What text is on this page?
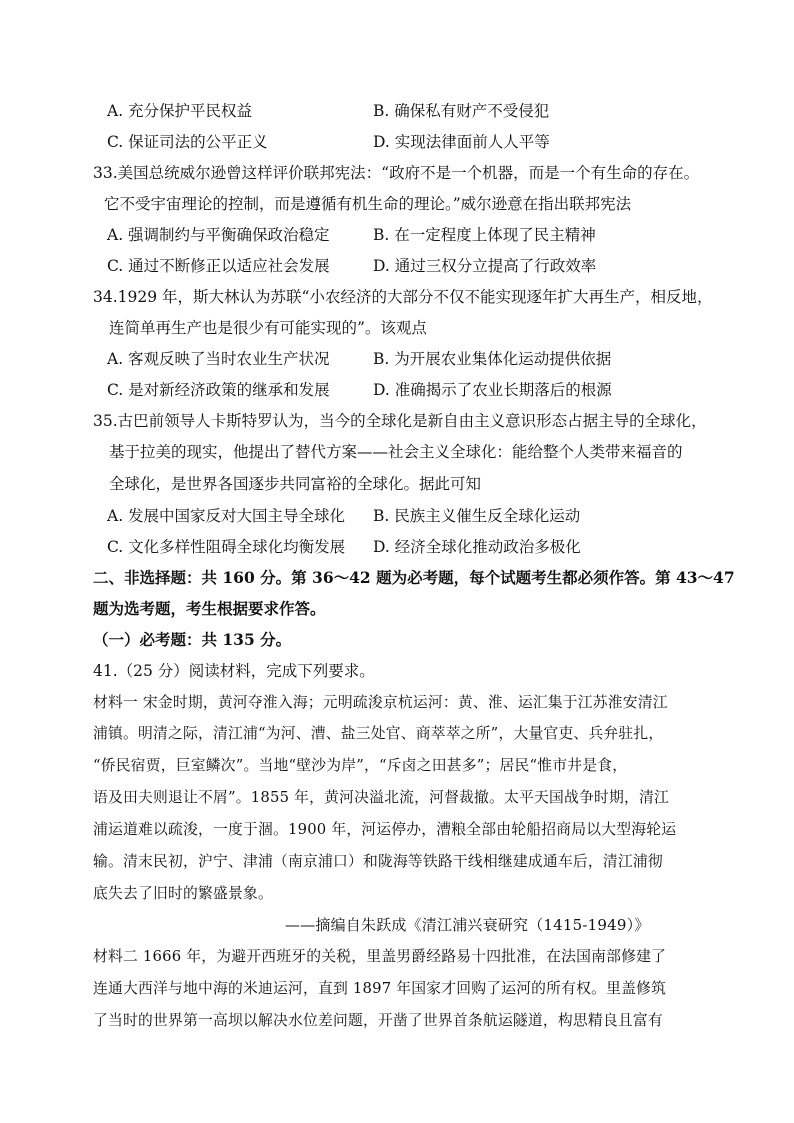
A. 充分保护平民权益	B. 确保私有财产不受侵犯
C. 保证司法的公平正义	D. 实现法律面前人人平等
33.美国总统威尔逊曾这样评价联邦宪法：“政府不是一个机器，而是一个有生命的存在。
它不受宇宙理论的控制，而是遵循有机生命的理论。”威尔逊意在指出联邦宪法
A. 强调制约与平衡确保政治稳定	B. 在一定程度上体现了民主精神
C. 通过不断修正以适应社会发展	D. 通过三权分立提高了行政效率
34.1929 年，斯大林认为苏联“小农经济的大部分不仅不能实现逐年扩大再生产，相反地，
连简单再生产也是很少有可能实现的”。该观点
A. 客观反映了当时农业生产状况	B. 为开展农业集体化运动提供依据
C. 是对新经济政策的继承和发展	D. 准确揭示了农业长期落后的根源
35.古巴前领导人卡斯特罗认为，当今的全球化是新自由主义意识形态占据主导的全球化，
基于拉美的现实，他提出了替代方案——社会主义全球化：能给整个人类带来福音的
全球化，是世界各国逐步共同富裕的全球化。据此可知
A. 发展中国家反对大国主导全球化 B. 民族主义催生反全球化运动
C. 文化多样性阻碍全球化均衡发展 D. 经济全球化推动政治多极化
二、非选择题：共 160 分。第 36～42 题为必考题，每个试题考生都必须作答。第 43～47
题为选考题，考生根据要求作答。
（一）必考题：共 135 分。
41.（25 分）阅读材料，完成下列要求。
材料一 宋金时期，黄河夺淮入海；元明疏浚京杭运河：黄、淮、运汇集于江苏淮安清江
浦镇。明清之际，清江浦“为河、漕、盐三处官、商萃萃之所”，大量官吏、兵弁驻扎，
“侨民宿贾，巨室鳞次”。当地“壁沙为岸”，“斥卤之田甚多”；居民“惟市井是食，
语及田夫则退让不屑”。1855 年，黄河决溢北流，河督裁撤。太平天国战争时期，清江
浦运道难以疏浚，一度于涸。1900 年，河运停办，漕粮全部由轮船招商局以大型海轮运
输。清末民初，沪宁、津浦（南京浦口）和陇海等铁路干线相继建成通车后，清江浦彻
底失去了旧时的繁盛景象。
——摘编自朱跃成《清江浦兴衰研究（1415-1949）》
材料二 1666 年，为避开西班牙的关税，里盖男爵经路易十四批准，在法国南部修建了
连通大西洋与地中海的米迪运河，直到 1897 年国家才回购了运河的所有权。里盖修筑
了当时的世界第一高坝以解决水位差问题，开凿了世界首条航运隧道，构思精良且富有
